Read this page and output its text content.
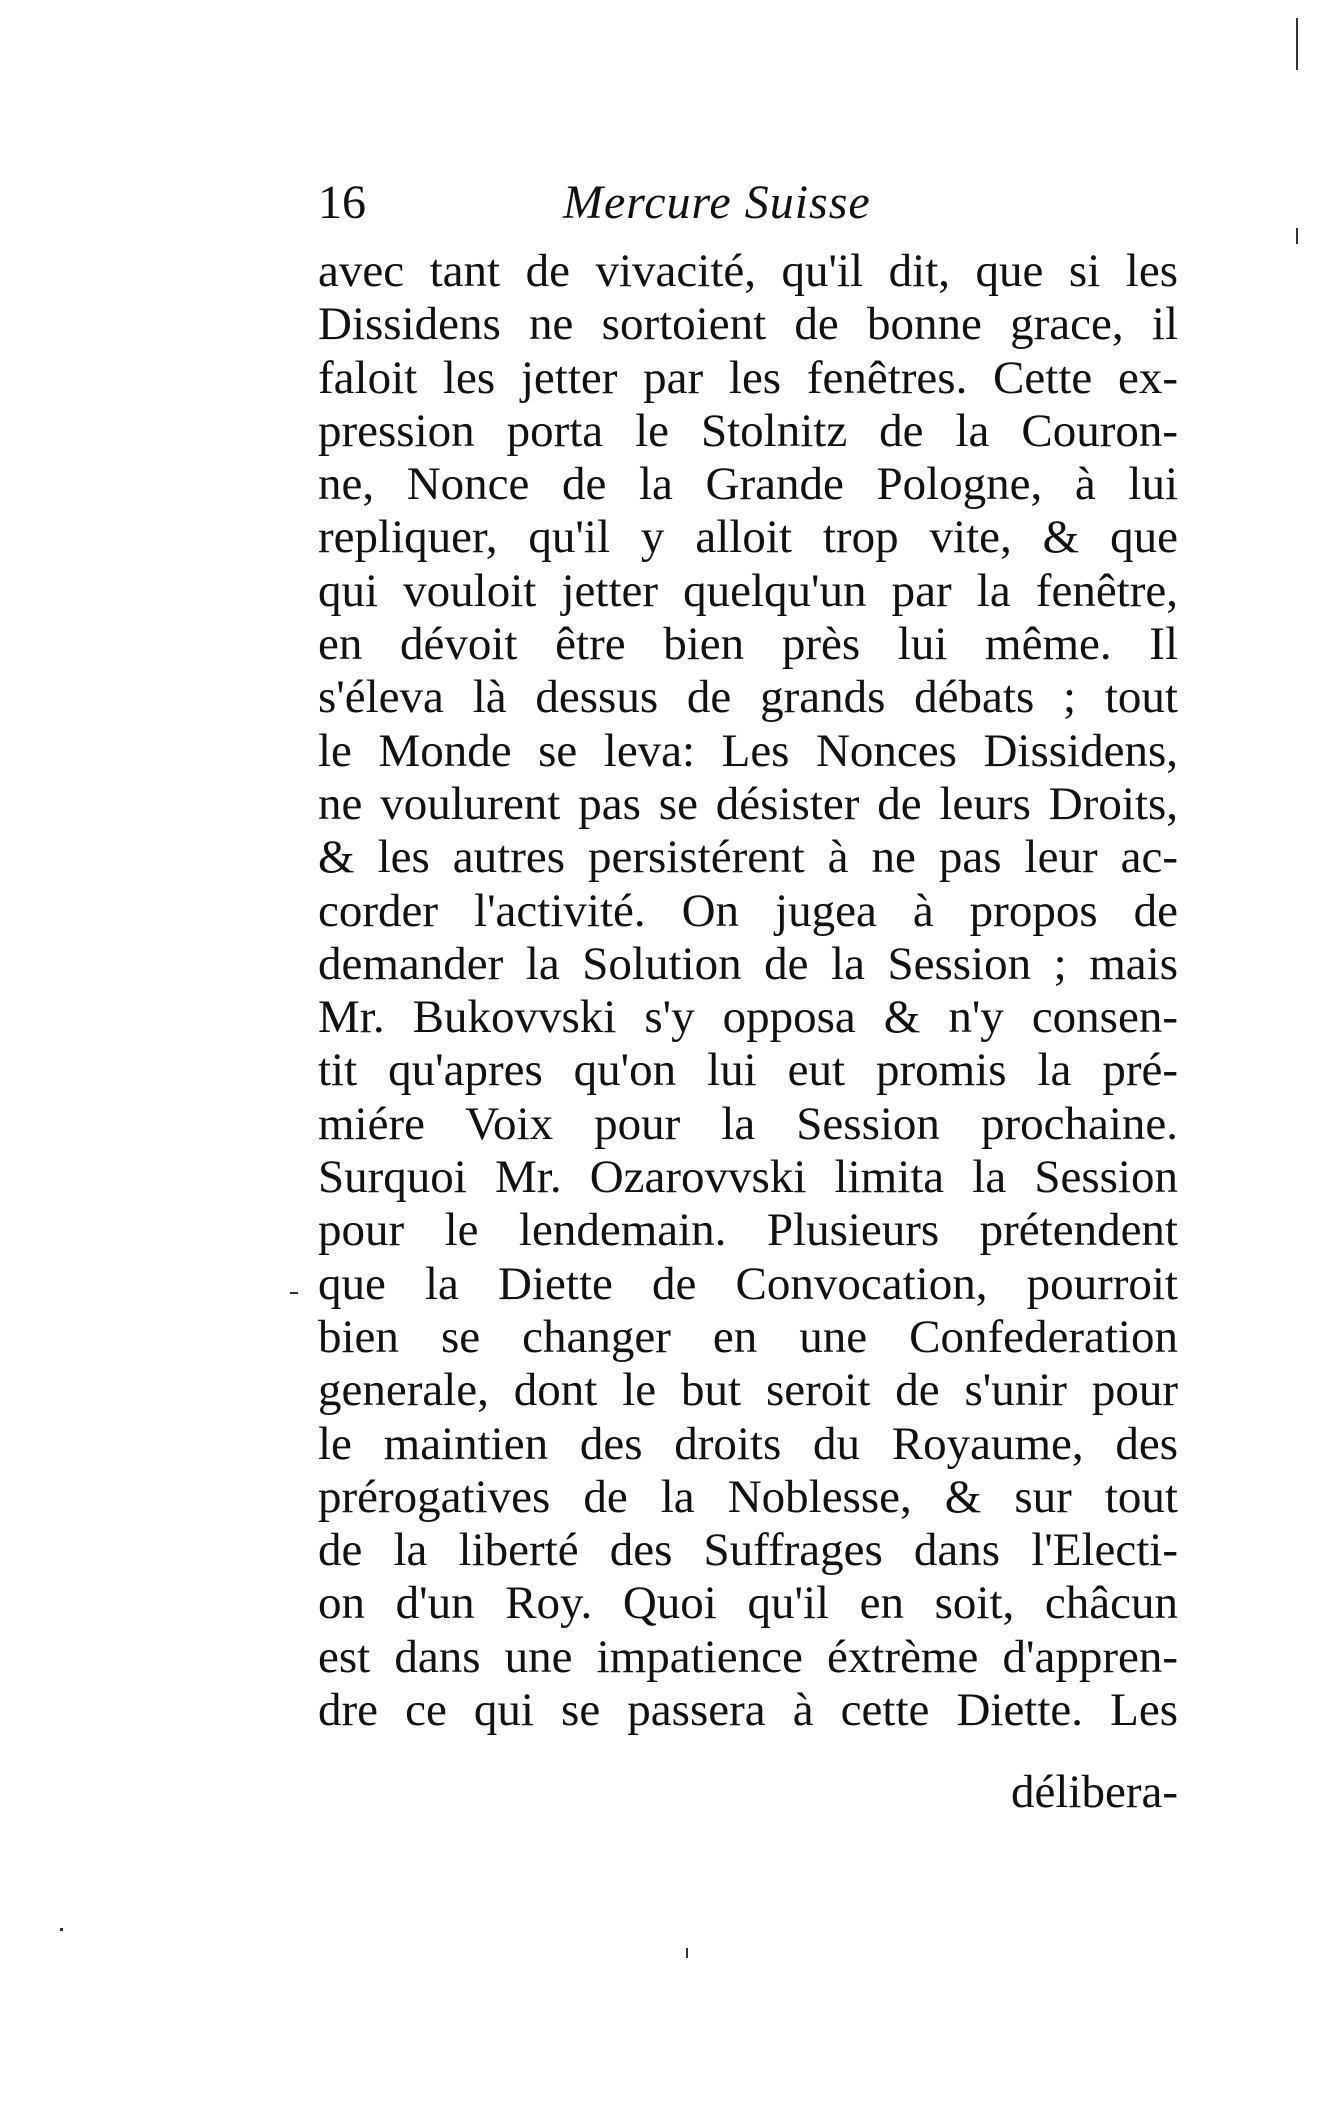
16	Mercure Suisse
avec tant de vivacité, qu'il dit, que si les
Dissidens ne sortoient de bonne grace, il
faloit les jetter par les fenêtres. Cette ex-
pression porta le Stolnitz de la Couron-
ne, Nonce de la Grande Pologne, à lui
repliquer, qu'il y alloit trop vite, & que
qui vouloit jetter quelqu'un par la fenêtre,
en dévoit être bien près lui même. Il
s'éleva là dessus de grands débats ; tout
le Monde se leva: Les Nonces Dissidens,
ne voulurent pas se désister de leurs Droits,
& les autres persistérent à ne pas leur ac-
corder l'activité. On jugea à propos de
demander la Solution de la Session ; mais
Mr. Bukovvski s'y opposa & n'y consen-
tit qu'apres qu'on lui eut promis la pré-
miére Voix pour la Session prochaine.
Surquoi Mr. Ozarovvski limita la Session
pour le lendemain. Plusieurs prétendent
que la Diette de Convocation, pourroit
bien se changer en une Confederation
generale, dont le but seroit de s'unir pour
le maintien des droits du Royaume, des
prérogatives de la Noblesse, & sur tout
de la liberté des Suffrages dans l'Electi-
on d'un Roy. Quoi qu'il en soit, châcun
est dans une impatience éxtrème d'appren-
dre ce qui se passera à cette Diette. Les
délibera-
